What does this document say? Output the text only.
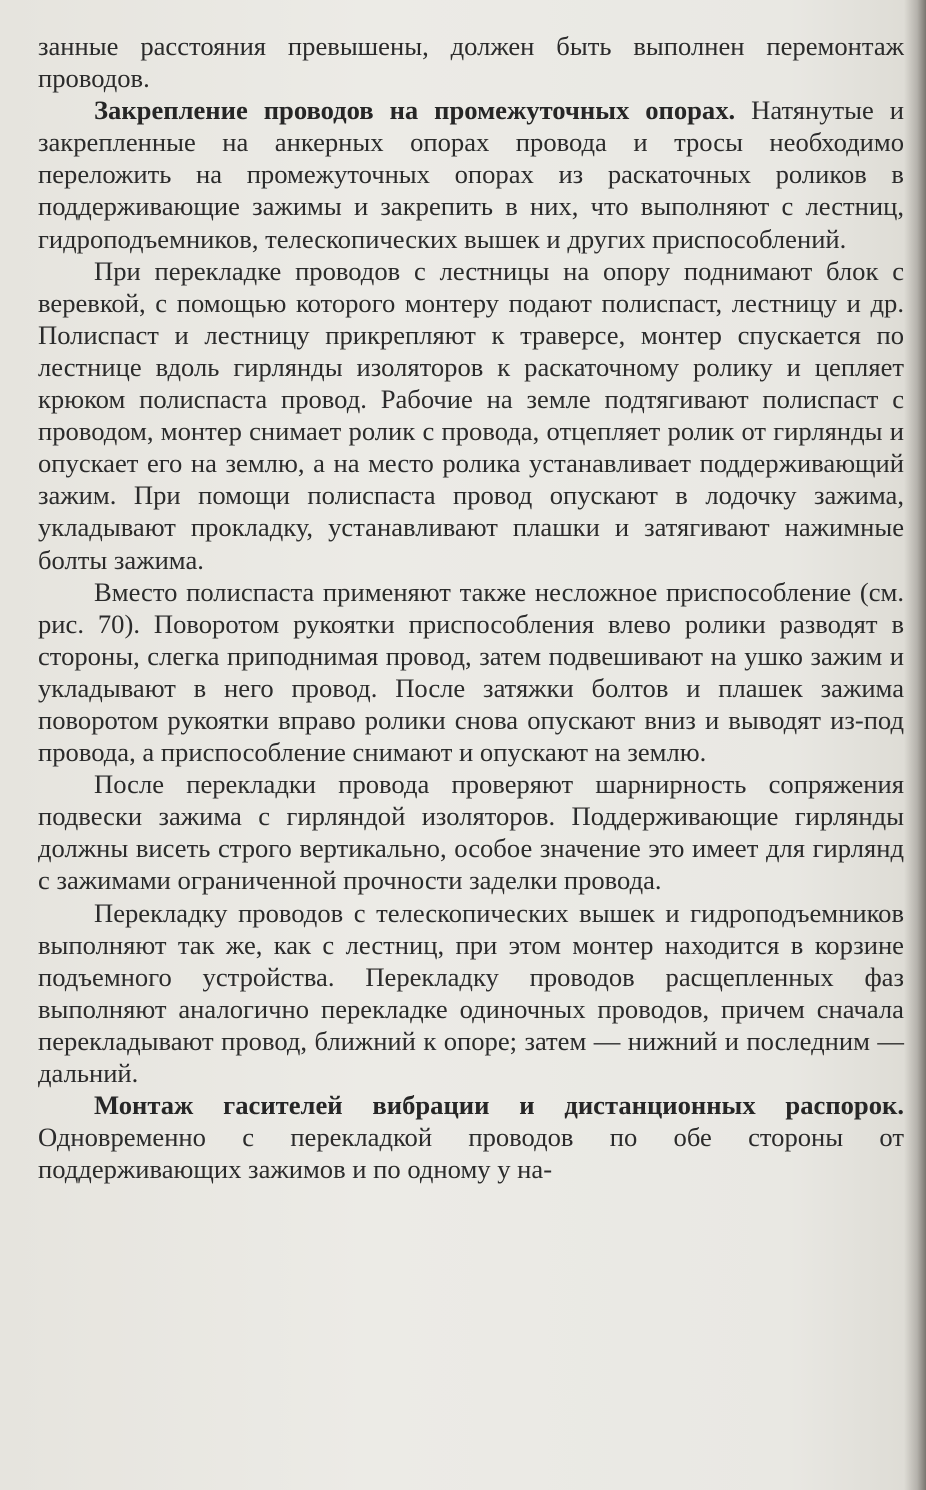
занные расстояния превышены, должен быть выполнен перемонтаж проводов.

Закрепление проводов на промежуточных опорах. Натянутые и закрепленные на анкерных опорах провода и тросы необходимо переложить на промежуточных опорах из раскаточных роликов в поддерживающие зажимы и закрепить в них, что выполняют с лестниц, гидроподъемников, телескопических вышек и других приспособлений.

При перекладке проводов с лестницы на опору поднимают блок с веревкой, с помощью которого монтеру подают полиспаст, лестницу и др. Полиспаст и лестницу прикрепляют к траверсе, монтер спускается по лестнице вдоль гирлянды изоляторов к раскаточному ролику и цепляет крюком полиспаста провод. Рабочие на земле подтягивают полиспаст с проводом, монтер снимает ролик с провода, отцепляет ролик от гирлянды и опускает его на землю, а на место ролика устанавливает поддерживающий зажим. При помощи полиспаста провод опускают в лодочку зажима, укладывают прокладку, устанавливают плашки и затягивают нажимные болты зажима.

Вместо полиспаста применяют также несложное приспособление (см. рис. 70). Поворотом рукоятки приспособления влево ролики разводят в стороны, слегка приподнимая провод, затем подвешивают на ушко зажим и укладывают в него провод. После затяжки болтов и плашек зажима поворотом рукоятки вправо ролики снова опускают вниз и выводят из-под провода, а приспособление снимают и опускают на землю.

После перекладки провода проверяют шарнирность сопряжения подвески зажима с гирляндой изоляторов. Поддерживающие гирлянды должны висеть строго вертикально, особое значение это имеет для гирлянд с зажимами ограниченной прочности заделки провода.

Перекладку проводов с телескопических вышек и гидроподъемников выполняют так же, как с лестниц, при этом монтер находится в корзине подъемного устройства. Перекладку проводов расщепленных фаз выполняют аналогично перекладке одиночных проводов, причем сначала перекладывают провод, ближний к опоре; затем — нижний и последним — дальний.

Монтаж гасителей вибрации и дистанционных распорок. Одновременно с перекладкой проводов по обе стороны от поддерживающих зажимов и по одному у на-
